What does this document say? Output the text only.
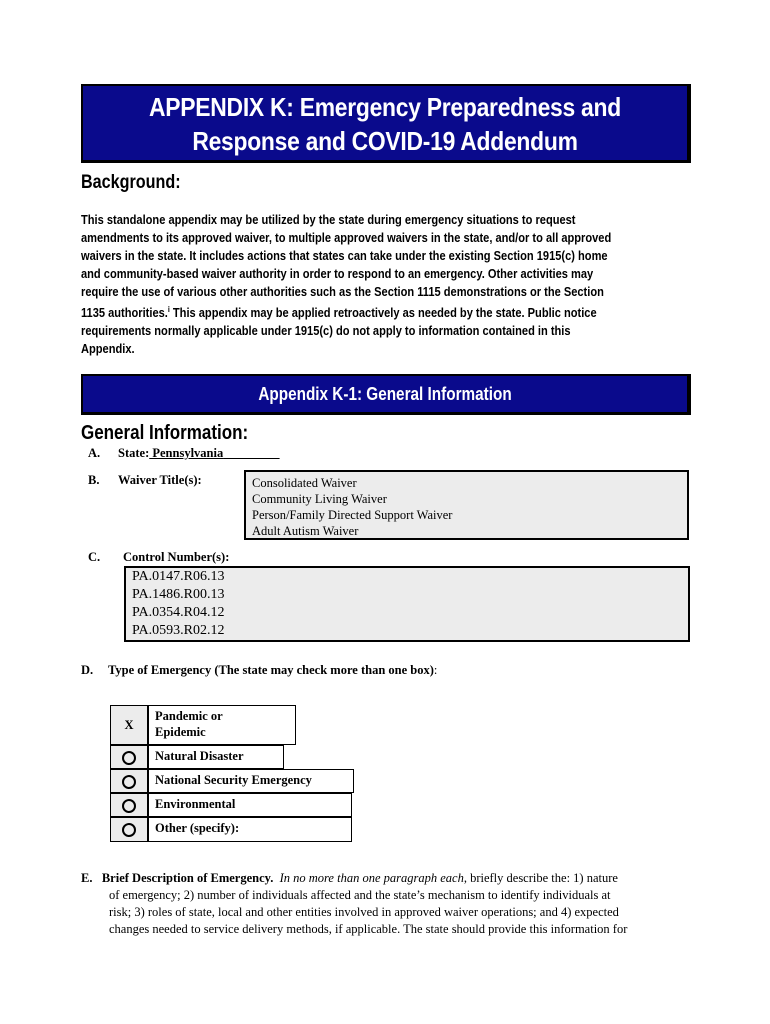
APPENDIX K: Emergency Preparedness and
Response and COVID-19 Addendum
Background:

This standalone appendix may be utilized by the state during emergency situations to request

amendments to its approved waiver, to multiple approved waivers in the state, and/or to all approved

waivers in the state. It includes actions that states can take under the existing Section 1915(c) home

and community-based waiver authority in order to respond to an emergency. Other activities may

require the use of various other authorities such as the Section 1115 demonstrations or the Section

1135 authorities.$^i$ This appendix may be applied retroactively as needed by the state. Public notice

requirements normally applicable under 1915(c) do not apply to information contained in this

Appendix.

Appendix K-1: General Information
General Information:
A. State: Pennsylvania_________
B. Waiver Title(s):	Consolidated Waiver
Community Living Waiver
Person/Family Directed Support Waiver
Adult Autism Waiver
C. Control Number(s):
PA.0147.R06.13
PA.1486.R00.13
PA.0354.R04.12
PA.0593.R02.12
D. Type of Emergency (The state may check more than one box):
X
Pandemic or
Epidemic
Natural Disaster
National Security Emergency
Environmental
Other (specify):

E. Brief Description of Emergency. In no more than one paragraph each, briefly describe the: 1) nature

of emergency; 2) number of individuals affected and the state’s mechanism to identify individuals at

risk; 3) roles of state, local and other entities involved in approved waiver operations; and 4) expected

changes needed to service delivery methods, if applicable. The state should provide this information for
